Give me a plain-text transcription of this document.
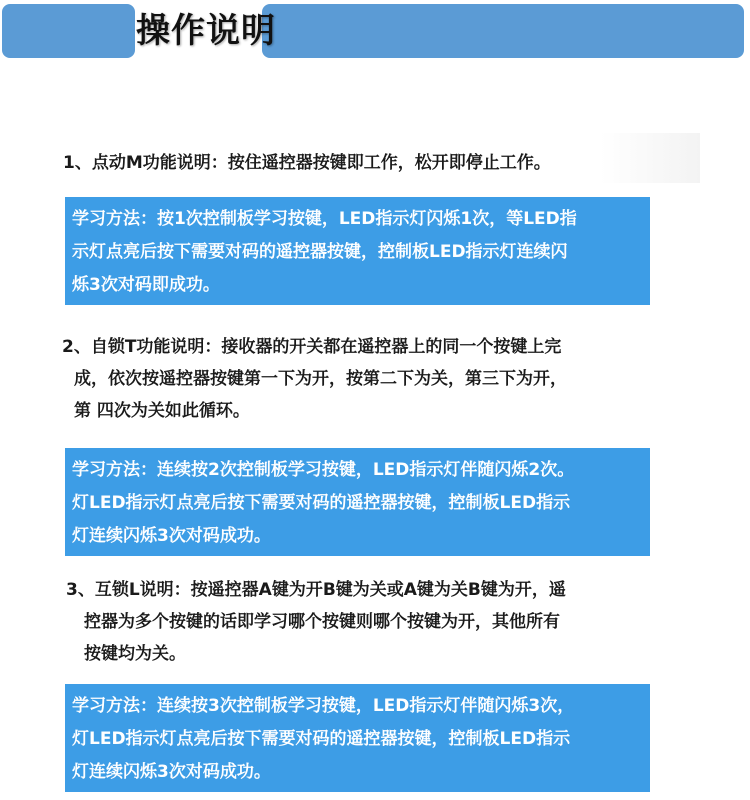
操作说明
1、点动M功能说明：按住遥控器按键即工作，松开即停止工作。
学习方法：按1次控制板学习按键，LED指示灯闪烁1次，等LED指
示灯点亮后按下需要对码的遥控器按键，控制板LED指示灯连续闪
烁3次对码即成功。
2、自锁T功能说明：接收器的开关都在遥控器上的同一个按键上完
成，依次按遥控器按键第一下为开，按第二下为关，第三下为开，
第 四次为关如此循环。
学习方法：连续按2次控制板学习按键，LED指示灯伴随闪烁2次。
灯LED指示灯点亮后按下需要对码的遥控器按键，控制板LED指示
灯连续闪烁3次对码成功。
3、互锁L说明：按遥控器A键为开B键为关或A键为关B键为开，遥
控器为多个按键的话即学习哪个按键则哪个按键为开，其他所有
按键均为关。
学习方法：连续按3次控制板学习按键，LED指示灯伴随闪烁3次，
灯LED指示灯点亮后按下需要对码的遥控器按键，控制板LED指示
灯连续闪烁3次对码成功。
